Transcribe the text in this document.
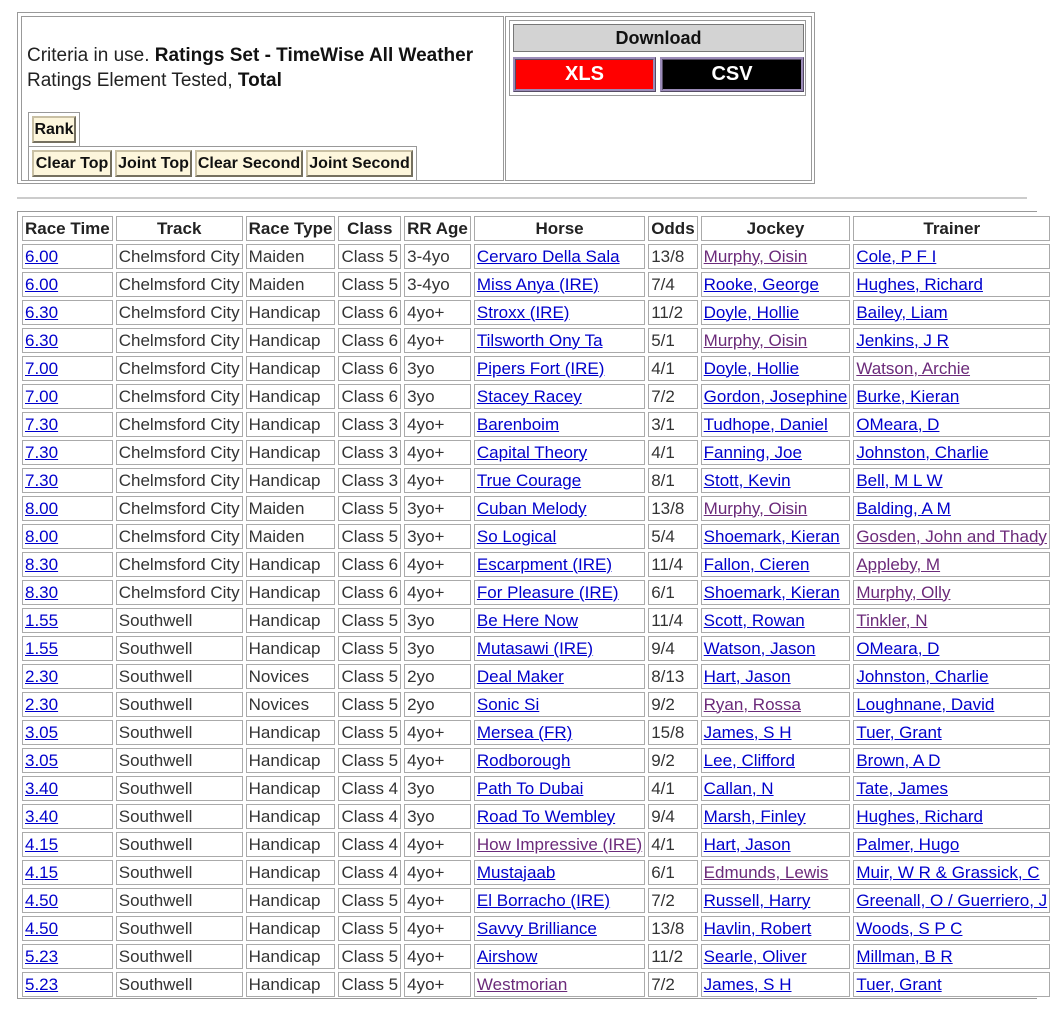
Criteria in use. Ratings Set - TimeWise All Weather
Ratings Element Tested, Total
Rank
Clear Top Joint Top Clear Second Joint Second
Download
XLS	CSV
Race Time	Track	Race Type	Class	RR Age	Horse	Odds	Jockey	Trainer
6.00	Chelmsford City	Maiden	Class 5	3-4yo	Cervaro Della Sala	13/8	Murphy, Oisin	Cole, P F I
6.00	Chelmsford City	Maiden	Class 5	3-4yo	Miss Anya (IRE)	7/4	Rooke, George	Hughes, Richard
6.30	Chelmsford City	Handicap	Class 6	4yo+	Stroxx (IRE)	11/2	Doyle, Hollie	Bailey, Liam
6.30	Chelmsford City	Handicap	Class 6	4yo+	Tilsworth Ony Ta	5/1	Murphy, Oisin	Jenkins, J R
7.00	Chelmsford City	Handicap	Class 6	3yo	Pipers Fort (IRE)	4/1	Doyle, Hollie	Watson, Archie
7.00	Chelmsford City	Handicap	Class 6	3yo	Stacey Racey	7/2	Gordon, Josephine	Burke, Kieran
7.30	Chelmsford City	Handicap	Class 3	4yo+	Barenboim	3/1	Tudhope, Daniel	OMeara, D
7.30	Chelmsford City	Handicap	Class 3	4yo+	Capital Theory	4/1	Fanning, Joe	Johnston, Charlie
7.30	Chelmsford City	Handicap	Class 3	4yo+	True Courage	8/1	Stott, Kevin	Bell, M L W
8.00	Chelmsford City	Maiden	Class 5	3yo+	Cuban Melody	13/8	Murphy, Oisin	Balding, A M
8.00	Chelmsford City	Maiden	Class 5	3yo+	So Logical	5/4	Shoemark, Kieran	Gosden, John and Thady
8.30	Chelmsford City	Handicap	Class 6	4yo+	Escarpment (IRE)	11/4	Fallon, Cieren	Appleby, M
8.30	Chelmsford City	Handicap	Class 6	4yo+	For Pleasure (IRE)	6/1	Shoemark, Kieran	Murphy, Olly
1.55	Southwell	Handicap	Class 5	3yo	Be Here Now	11/4	Scott, Rowan	Tinkler, N
1.55	Southwell	Handicap	Class 5	3yo	Mutasawi (IRE)	9/4	Watson, Jason	OMeara, D
2.30	Southwell	Novices	Class 5	2yo	Deal Maker	8/13	Hart, Jason	Johnston, Charlie
2.30	Southwell	Novices	Class 5	2yo	Sonic Si	9/2	Ryan, Rossa	Loughnane, David
3.05	Southwell	Handicap	Class 5	4yo+	Mersea (FR)	15/8	James, S H	Tuer, Grant
3.05	Southwell	Handicap	Class 5	4yo+	Rodborough	9/2	Lee, Clifford	Brown, A D
3.40	Southwell	Handicap	Class 4	3yo	Path To Dubai	4/1	Callan, N	Tate, James
3.40	Southwell	Handicap	Class 4	3yo	Road To Wembley	9/4	Marsh, Finley	Hughes, Richard
4.15	Southwell	Handicap	Class 4	4yo+	How Impressive (IRE)	4/1	Hart, Jason	Palmer, Hugo
4.15	Southwell	Handicap	Class 4	4yo+	Mustajaab	6/1	Edmunds, Lewis	Muir, W R & Grassick, C
4.50	Southwell	Handicap	Class 5	4yo+	El Borracho (IRE)	7/2	Russell, Harry	Greenall, O / Guerriero, J
4.50	Southwell	Handicap	Class 5	4yo+	Savvy Brilliance	13/8	Havlin, Robert	Woods, S P C
5.23	Southwell	Handicap	Class 5	4yo+	Airshow	11/2	Searle, Oliver	Millman, B R
5.23	Southwell	Handicap	Class 5	4yo+	Westmorian	7/2	James, S H	Tuer, Grant
